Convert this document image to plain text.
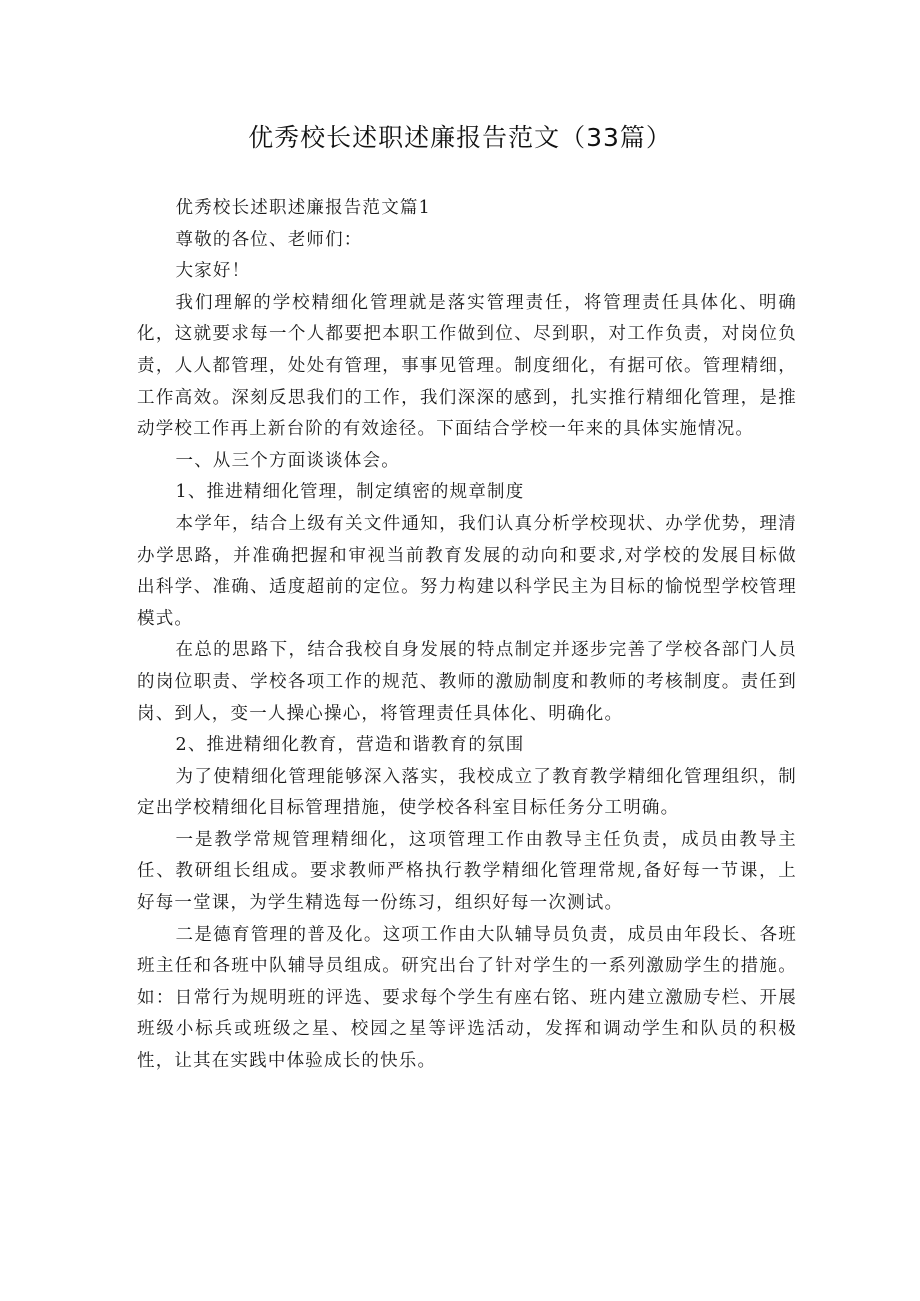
优秀校长述职述廉报告范文（33篇）

优秀校长述职述廉报告范文篇1

尊敬的各位、老师们：

大家好！

我们理解的学校精细化管理就是落实管理责任，将管理责任具体化、明确化，这就要求每一个人都要把本职工作做到位、尽到职，对工作负责，对岗位负责，人人都管理，处处有管理，事事见管理。制度细化，有据可依。管理精细，工作高效。深刻反思我们的工作，我们深深的感到，扎实推行精细化管理，是推动学校工作再上新台阶的有效途径。下面结合学校一年来的具体实施情况。

一、从三个方面谈谈体会。

1、推进精细化管理，制定缜密的规章制度

本学年，结合上级有关文件通知，我们认真分析学校现状、办学优势，理清办学思路，并准确把握和审视当前教育发展的动向和要求,对学校的发展目标做出科学、准确、适度超前的定位。努力构建以科学民主为目标的愉悦型学校管理模式。

在总的思路下，结合我校自身发展的特点制定并逐步完善了学校各部门人员的岗位职责、学校各项工作的规范、教师的激励制度和教师的考核制度。责任到岗、到人，变一人操心操心，将管理责任具体化、明确化。

2、推进精细化教育，营造和谐教育的氛围

为了使精细化管理能够深入落实，我校成立了教育教学精细化管理组织，制定出学校精细化目标管理措施，使学校各科室目标任务分工明确。

一是教学常规管理精细化，这项管理工作由教导主任负责，成员由教导主任、教研组长组成。要求教师严格执行教学精细化管理常规,备好每一节课，上好每一堂课，为学生精选每一份练习，组织好每一次测试。

二是德育管理的普及化。这项工作由大队辅导员负责，成员由年段长、各班班主任和各班中队辅导员组成。研究出台了针对学生的一系列激励学生的措施。如：日常行为规明班的评选、要求每个学生有座右铭、班内建立激励专栏、开展班级小标兵或班级之星、校园之星等评选活动，发挥和调动学生和队员的积极性，让其在实践中体验成长的快乐。
